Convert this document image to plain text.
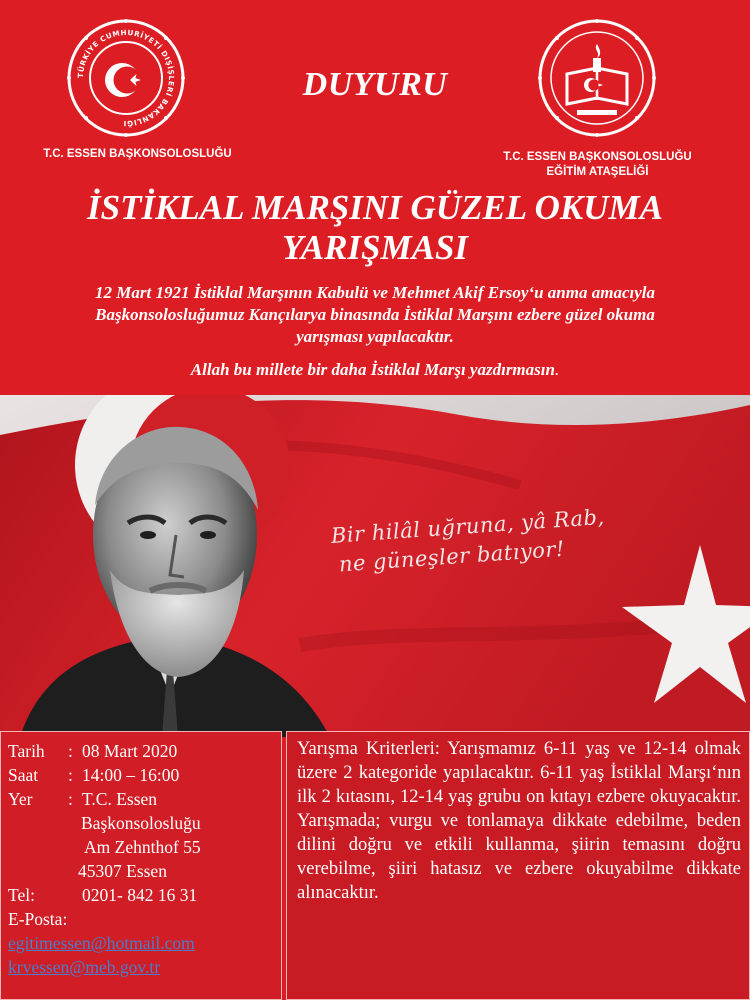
TÜRKİYE CUMHURİYETİ DIŞİŞLERİ BAKANLIĞI
T.C. ESSEN BAŞKONSOLOSLUĞU
DUYURU
T.C. ESSEN BAŞKONSOLOSLUĞU
EĞİTİM ATAŞELİĞİ
İSTİKLAL MARŞINI GÜZEL OKUMA
YARIŞMASI
12 Mart 1921 İstiklal Marşının Kabulü ve Mehmet Akif Ersoy‘u anma amacıyla
Başkonsolosluğumuz Kançılarya binasında İstiklal Marşını ezbere güzel okuma
yarışması yapılacaktır.
Allah bu millete bir daha İstiklal Marşı yazdırmasın.
Bir hilâl uğruna, yâ Rab,
ne güneşler batıyor!
Tarih	: 08 Mart 2020
Saat	: 14:00 – 16:00
Yer	: T.C. Essen
Başkonsolosluğu
Am Zehnthof 55
45307 Essen
Tel:	0201- 842 16 31
E-Posta:
egitimessen@hotmail.com
krvessen@meb.gov.tr

Yarışma Kriterleri: Yarışmamız 6-11 yaş ve 12-14 olmak üzere 2 kategoride yapılacaktır. 6-11 yaş İstiklal Marşı‘nın ilk 2 kıtasını, 12-14 yaş grubu on kıtayı ezbere okuyacaktır. Yarışmada; vurgu ve tonlamaya dikkate edebilme, beden dilini doğru ve etkili kullanma, şiirin temasını doğru verebilme, şiiri hatasız ve ezbere okuyabilme dikkate alınacaktır.
